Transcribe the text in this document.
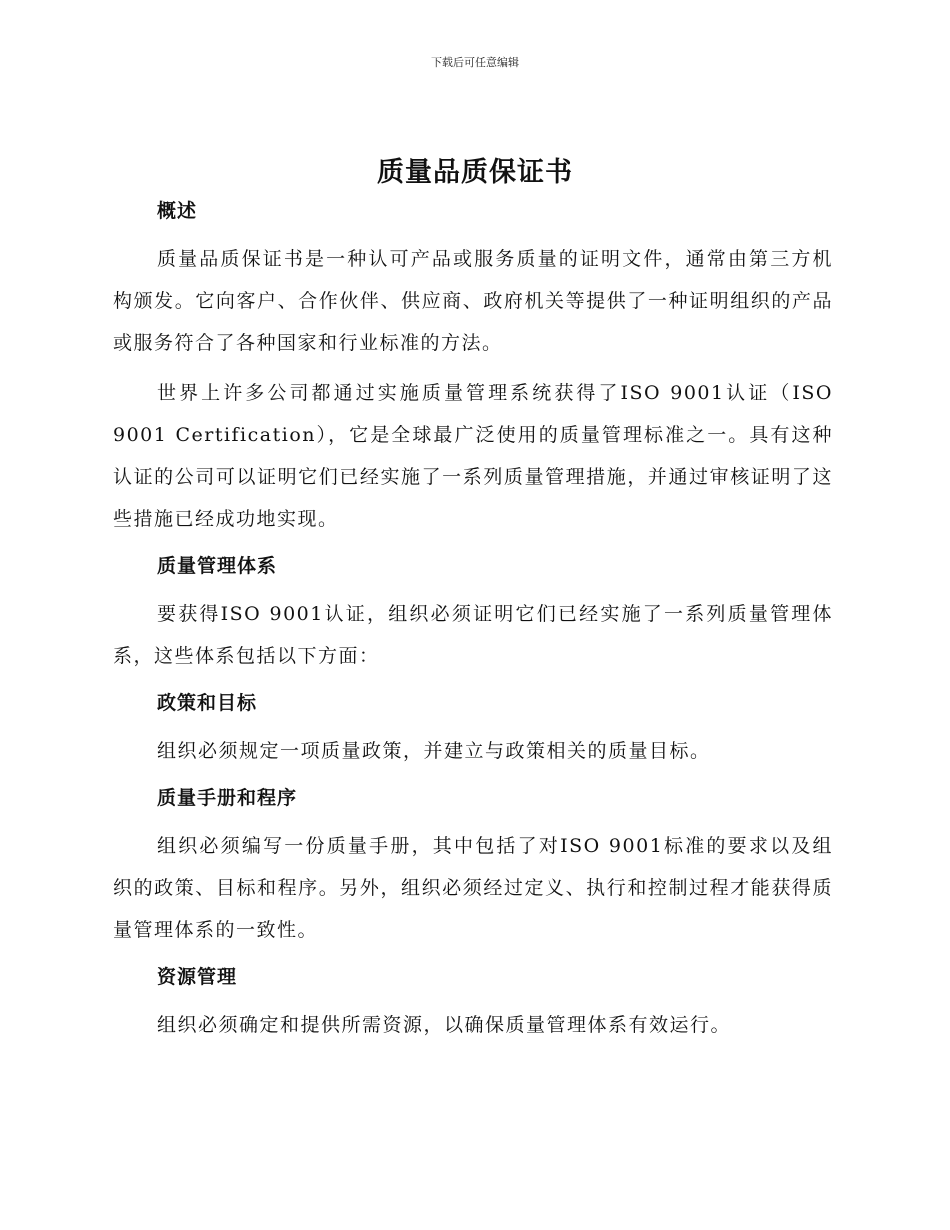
下载后可任意编辑
质量品质保证书
概述

质量品质保证书是一种认可产品或服务质量的证明文件，通常由第三方机构颁发。它向客户、合作伙伴、供应商、政府机关等提供了一种证明组织的产品或服务符合了各种国家和行业标准的方法。

世界上许多公司都通过实施质量管理系统获得了ISO 9001认证（ISO 9001 Certification），它是全球最广泛使用的质量管理标准之一。具有这种认证的公司可以证明它们已经实施了一系列质量管理措施，并通过审核证明了这些措施已经成功地实现。

质量管理体系

要获得ISO 9001认证，组织必须证明它们已经实施了一系列质量管理体系，这些体系包括以下方面：

政策和目标

组织必须规定一项质量政策，并建立与政策相关的质量目标。

质量手册和程序

组织必须编写一份质量手册，其中包括了对ISO 9001标准的要求以及组织的政策、目标和程序。另外，组织必须经过定义、执行和控制过程才能获得质量管理体系的一致性。

资源管理

组织必须确定和提供所需资源，以确保质量管理体系有效运行。
